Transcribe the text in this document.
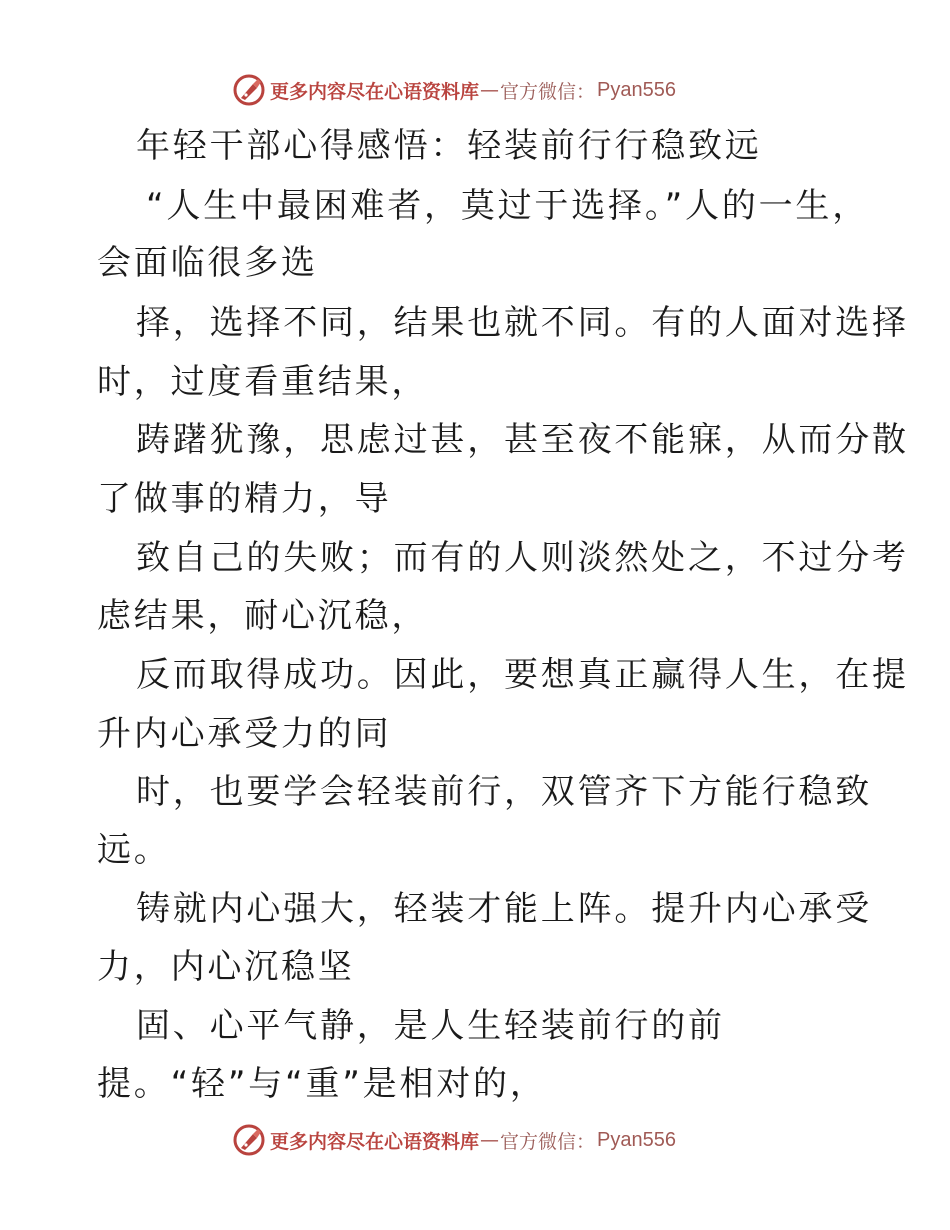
更多内容尽在心语资料库 — 官方微信： Pyan556
年轻干部心得感悟：轻装前行行稳致远
“人生中最困难者，莫过于选择。”人的一生，
会面临很多选
择，选择不同，结果也就不同。有的人面对选择
时，过度看重结果，
踌躇犹豫，思虑过甚，甚至夜不能寐，从而分散
了做事的精力，导
致自己的失败；而有的人则淡然处之，不过分考
虑结果，耐心沉稳，
反而取得成功。因此，要想真正赢得人生，在提
升内心承受力的同
时，也要学会轻装前行，双管齐下方能行稳致
远。
铸就内心强大，轻装才能上阵。提升内心承受
力，内心沉稳坚
固、心平气静，是人生轻装前行的前
提。“轻”与“重”是相对的，
更多内容尽在心语资料库 — 官方微信： Pyan556
